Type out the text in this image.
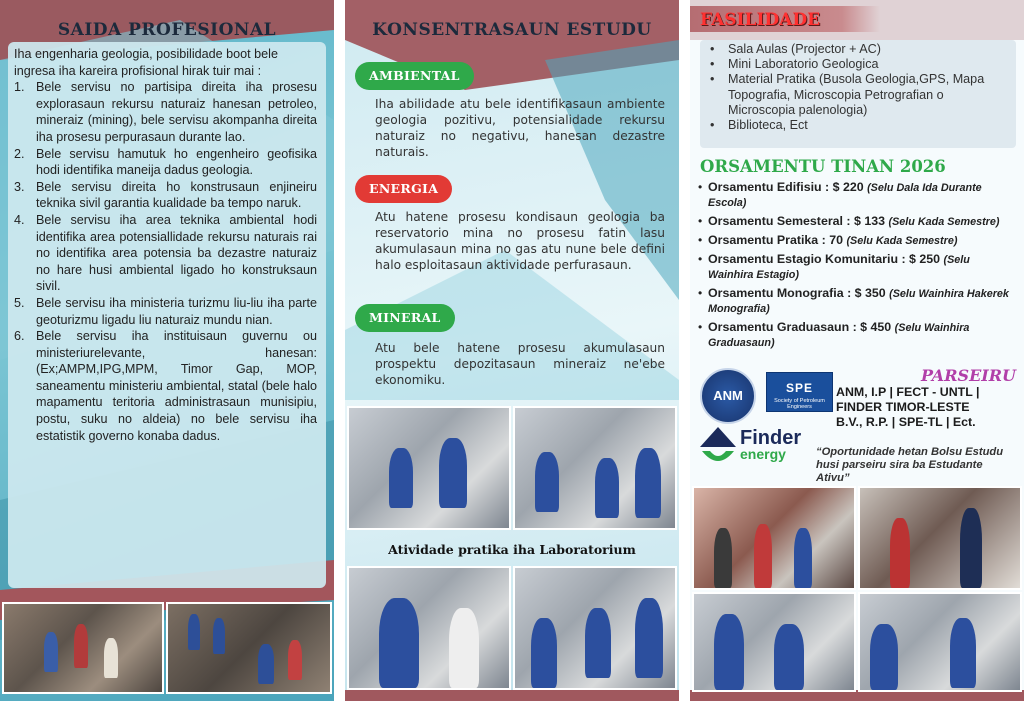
SAIDA PROFESIONAL

Iha engenharia geologia, posibilidade boot bele ingresa iha kareira profisional hirak tuir mai :

1. Bele servisu no partisipa direita iha prosesu explorasaun rekursu naturaiz hanesan petroleo, mineraiz (mining), bele servisu akompanha direita iha prosesu perpurasaun durante lao.
2. Bele servisu hamutuk ho engenheiro geofisika hodi identifika maneija dadus geologia.
3. Bele servisu direita ho konstrusaun enjineiru teknika sivil garantia kualidade ba tempo naruk.
4. Bele servisu iha area teknika ambiental hodi identifika area potensiallidade rekursu naturais rai no identifika area potensia ba dezastre naturaiz no hare husi ambiental ligado ho konstruksaun sivil.
5. Bele servisu iha ministeria turizmu liu-liu iha parte geoturizmu ligadu liu naturaiz mundu nian.
6. Bele servisu iha instituisaun guvernu ou ministeriurelevante, hanesan: (Ex;AMPM,IPG,MPM, Timor Gap, MOP, saneamentu ministeriu ambiental, statal (bele halo mapamentu teritoria administrasaun munisipiu, postu, suku no aldeia) no bele servisu iha estatistik governo konaba dadus.
KONSENTRASAUN ESTUDU
AMBIENTAL
Iha abilidade atu bele identifikasaun ambiente geologia pozitivu, potensialidade rekursu naturaiz no negativu, hanesan dezastre naturais.
ENERGIA
Atu hatene prosesu kondisaun geologia ba reservatorio mina no prosesu fatin lasu akumulasaun mina no gas atu nune bele defini halo esploitasaun aktividade perfurasaun.
MINERAL
Atu bele hatene prosesu akumulasaun prospektu depozitasaun mineraiz ne'ebe ekonomiku.
Atividade pratika iha Laboratorium
FASILIDADE
•	Sala Aulas (Projector + AC)
•	Mini Laboratorio Geologica
•	Material Pratika (Busola Geologia,GPS, Mapa Topografia, Microscopia Petrografian o Microscopia palenologia)
•	Biblioteca, Ect
ORSAMENTU TINAN 2026
• Orsamentu Edifisiu : $ 220 (Selu Dala Ida Durante Escola)
• Orsamentu Semesteral : $ 133 (Selu Kada Semestre)
• Orsamentu Pratika : 70 (Selu Kada Semestre)
• Orsamentu Estagio Komunitariu : $ 250 (Selu Wainhira Estagio)
• Orsamentu Monografia : $ 350 (Selu Wainhira Hakerek Monografia)
• Orsamentu Graduasaun : $ 450 (Selu Wainhira Graduasaun)
ANM	SPE
Society of Petroleum Engineers
PARSEIRU
ANM, I.P | FECT - UNTL |
FINDER TIMOR-LESTE
B.V., R.P. | SPE-TL | Ect.
Finder
energy	“Oportunidade hetan Bolsu Estudu husi parseiru sira ba Estudante Ativu”
